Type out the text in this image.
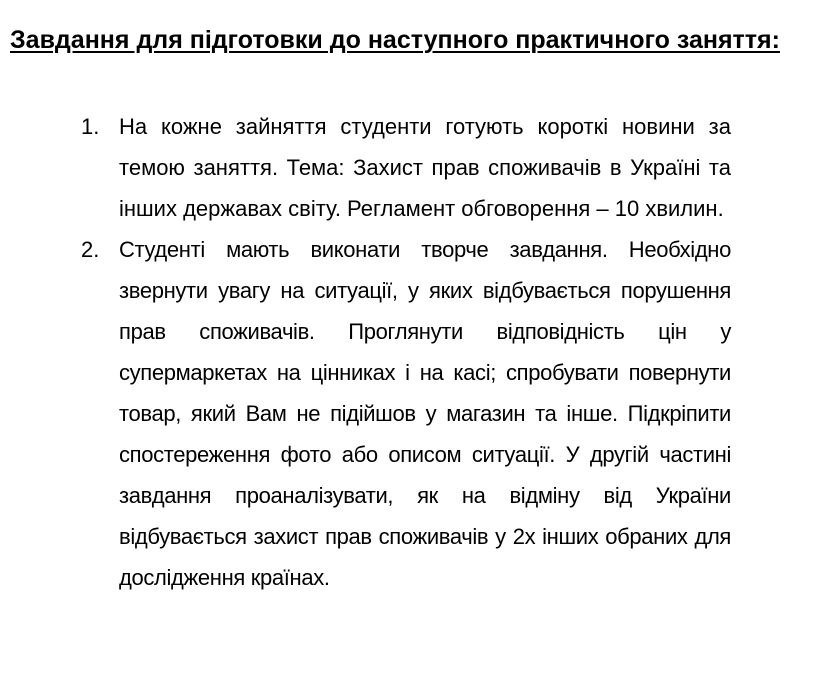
Завдання для підготовки до наступного практичного заняття:
1. На кожне зайняття студенти готують короткі новини за темою заняття. Тема: Захист прав споживачів в Україні та інших державах світу. Регламент обговорення – 10 хвилин.

2. Студенті мають виконати творче завдання. Необхідно звернути увагу на ситуації, у яких відбувається порушення прав споживачів. Проглянути відповідність цін у супермаркетах на цінниках і на касі; спробувати повернути товар, який Вам не підійшов у магазин та інше. Підкріпити спостереження фото або описом ситуації. У другій частині завдання проаналізувати, як на відміну від України відбувається захист прав споживачів у 2х інших обраних для дослідження країнах.
